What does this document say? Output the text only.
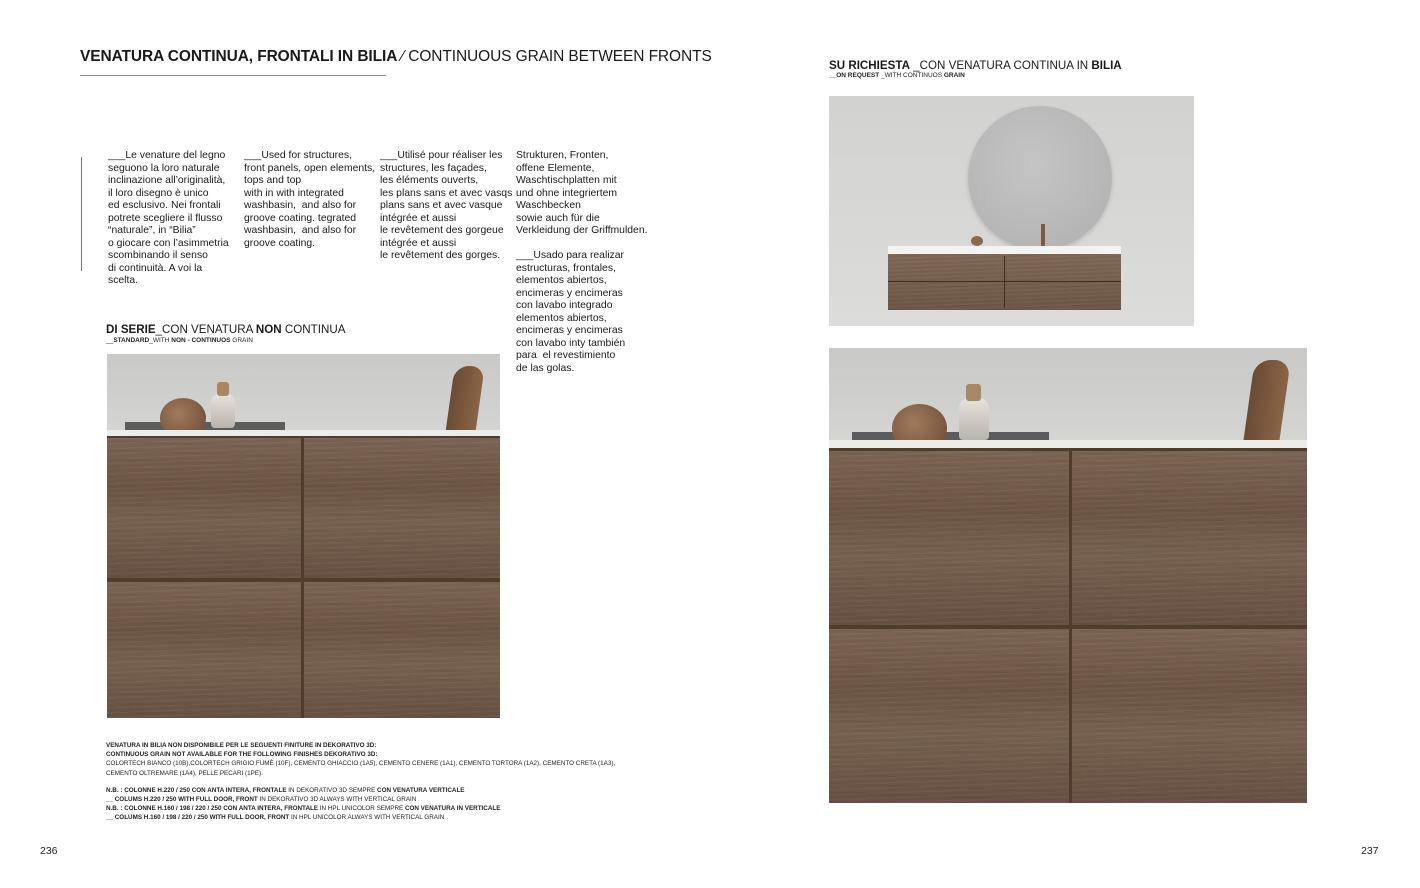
VENATURA CONTINUA, FRONTALI IN BILIA ⁄ CONTINUOUS GRAIN BETWEEN FRONTS
___Le venature del legno
seguono la loro naturale
inclinazione all’originalità,
il loro disegno è unico
ed esclusivo. Nei frontali
potrete scegliere il flusso
“naturale”, in “Bilia”
o giocare con l’asimmetria
scombinando il senso
di continuità. A voi la
scelta.
___Used for structures,
front panels, open elements,
tops and top
with in with integrated
washbasin,  and also for
groove coating. tegrated
washbasin,  and also for
groove coating.
___Utilisé pour réaliser les
structures, les façades,
les éléments ouverts,
les plans sans et avec vasqs
plans sans et avec vasque
intégrée et aussi
le revêtement des gorgeue
intégrée et aussi
le revêtement des gorges.
Strukturen, Fronten,
offene Elemente,
Waschtischplatten mit
und ohne integriertem
Waschbecken
sowie auch für die
Verkleidung der Griffmulden.

___Usado para realizar
estructuras, frontales,
elementos abiertos,
encimeras y encimeras
con lavabo integrado
elementos abiertos,
encimeras y encimeras
con lavabo inty también
para  el revestimiento
de las golas.
DI SERIE_CON VENATURA NON CONTINUA
__STANDARD_WITH NON - CONTINUOS GRAIN
VENATURA IN BILIA NON DISPONIBILE PER LE SEGUENTI FINITURE IN DEKORATIVO 3D:
CONTINUOUS GRAIN NOT AVAILABLE FOR THE FOLLOWING FINISHES DEKORATIVO 3D:
COLORTECH BIANCO (10B),COLORTECH GRIGIO FUMÈ (10F), CEMENTO GHIACCIO (1A5), CEMENTO CENERE (1A1), CEMENTO TORTORA (1A2), CEMENTO CRETA (1A3),
CEMENTO OLTREMARE (1A4), PELLE PECARI (1PE).
N.B. : COLONNE H.220 / 250 CON ANTA INTERA, FRONTALE IN DEKORATIVO 3D SEMPRE CON VENATURA VERTICALE
__ COLUMS H.220 / 250 WITH FULL DOOR, FRONT IN DEKORATIVO 3D ALWAYS WITH VERTICAL GRAIN
N.B. : COLONNE H.160 / 198 / 220 / 250 CON ANTA INTERA, FRONTALE IN HPL UNICOLOR SEMPRE CON VENATURA IN VERTICALE
__ COLUMS H.160 / 198 / 220 / 250 WITH FULL DOOR, FRONT IN HPL UNICOLOR ALWAYS WITH VERTICAL GRAIN
236	237
SU RICHIESTA _CON VENATURA CONTINUA IN BILIA
__ON REQUEST _WITH CONTINUOS GRAIN
